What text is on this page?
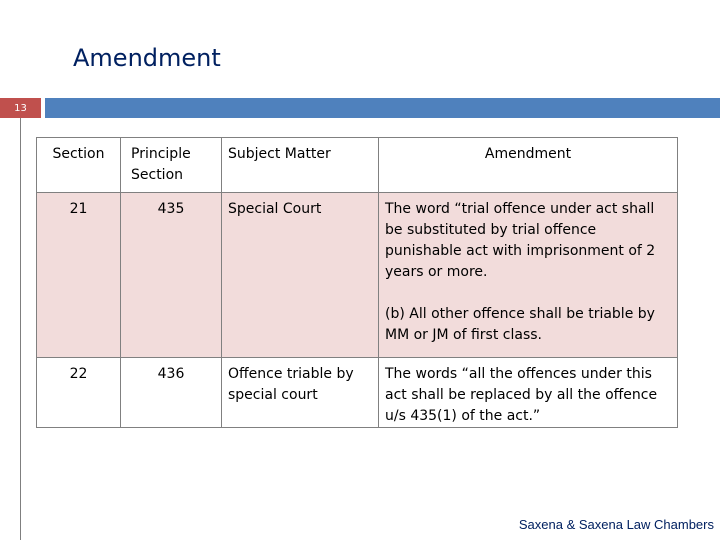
Amendment
13
Section	Principle Section	Subject Matter	Amendment
21	435	Special Court	The word “trial offence under act shall be substituted by trial offence punishable act with imprisonment of 2 years or more.

(b) All other offence shall be triable by MM or JM of first class.

22	436	Offence triable by special court	The words “all the offences under this act shall be replaced by all the offence u/s 435(1) of the act.”

Saxena & Saxena Law Chambers
